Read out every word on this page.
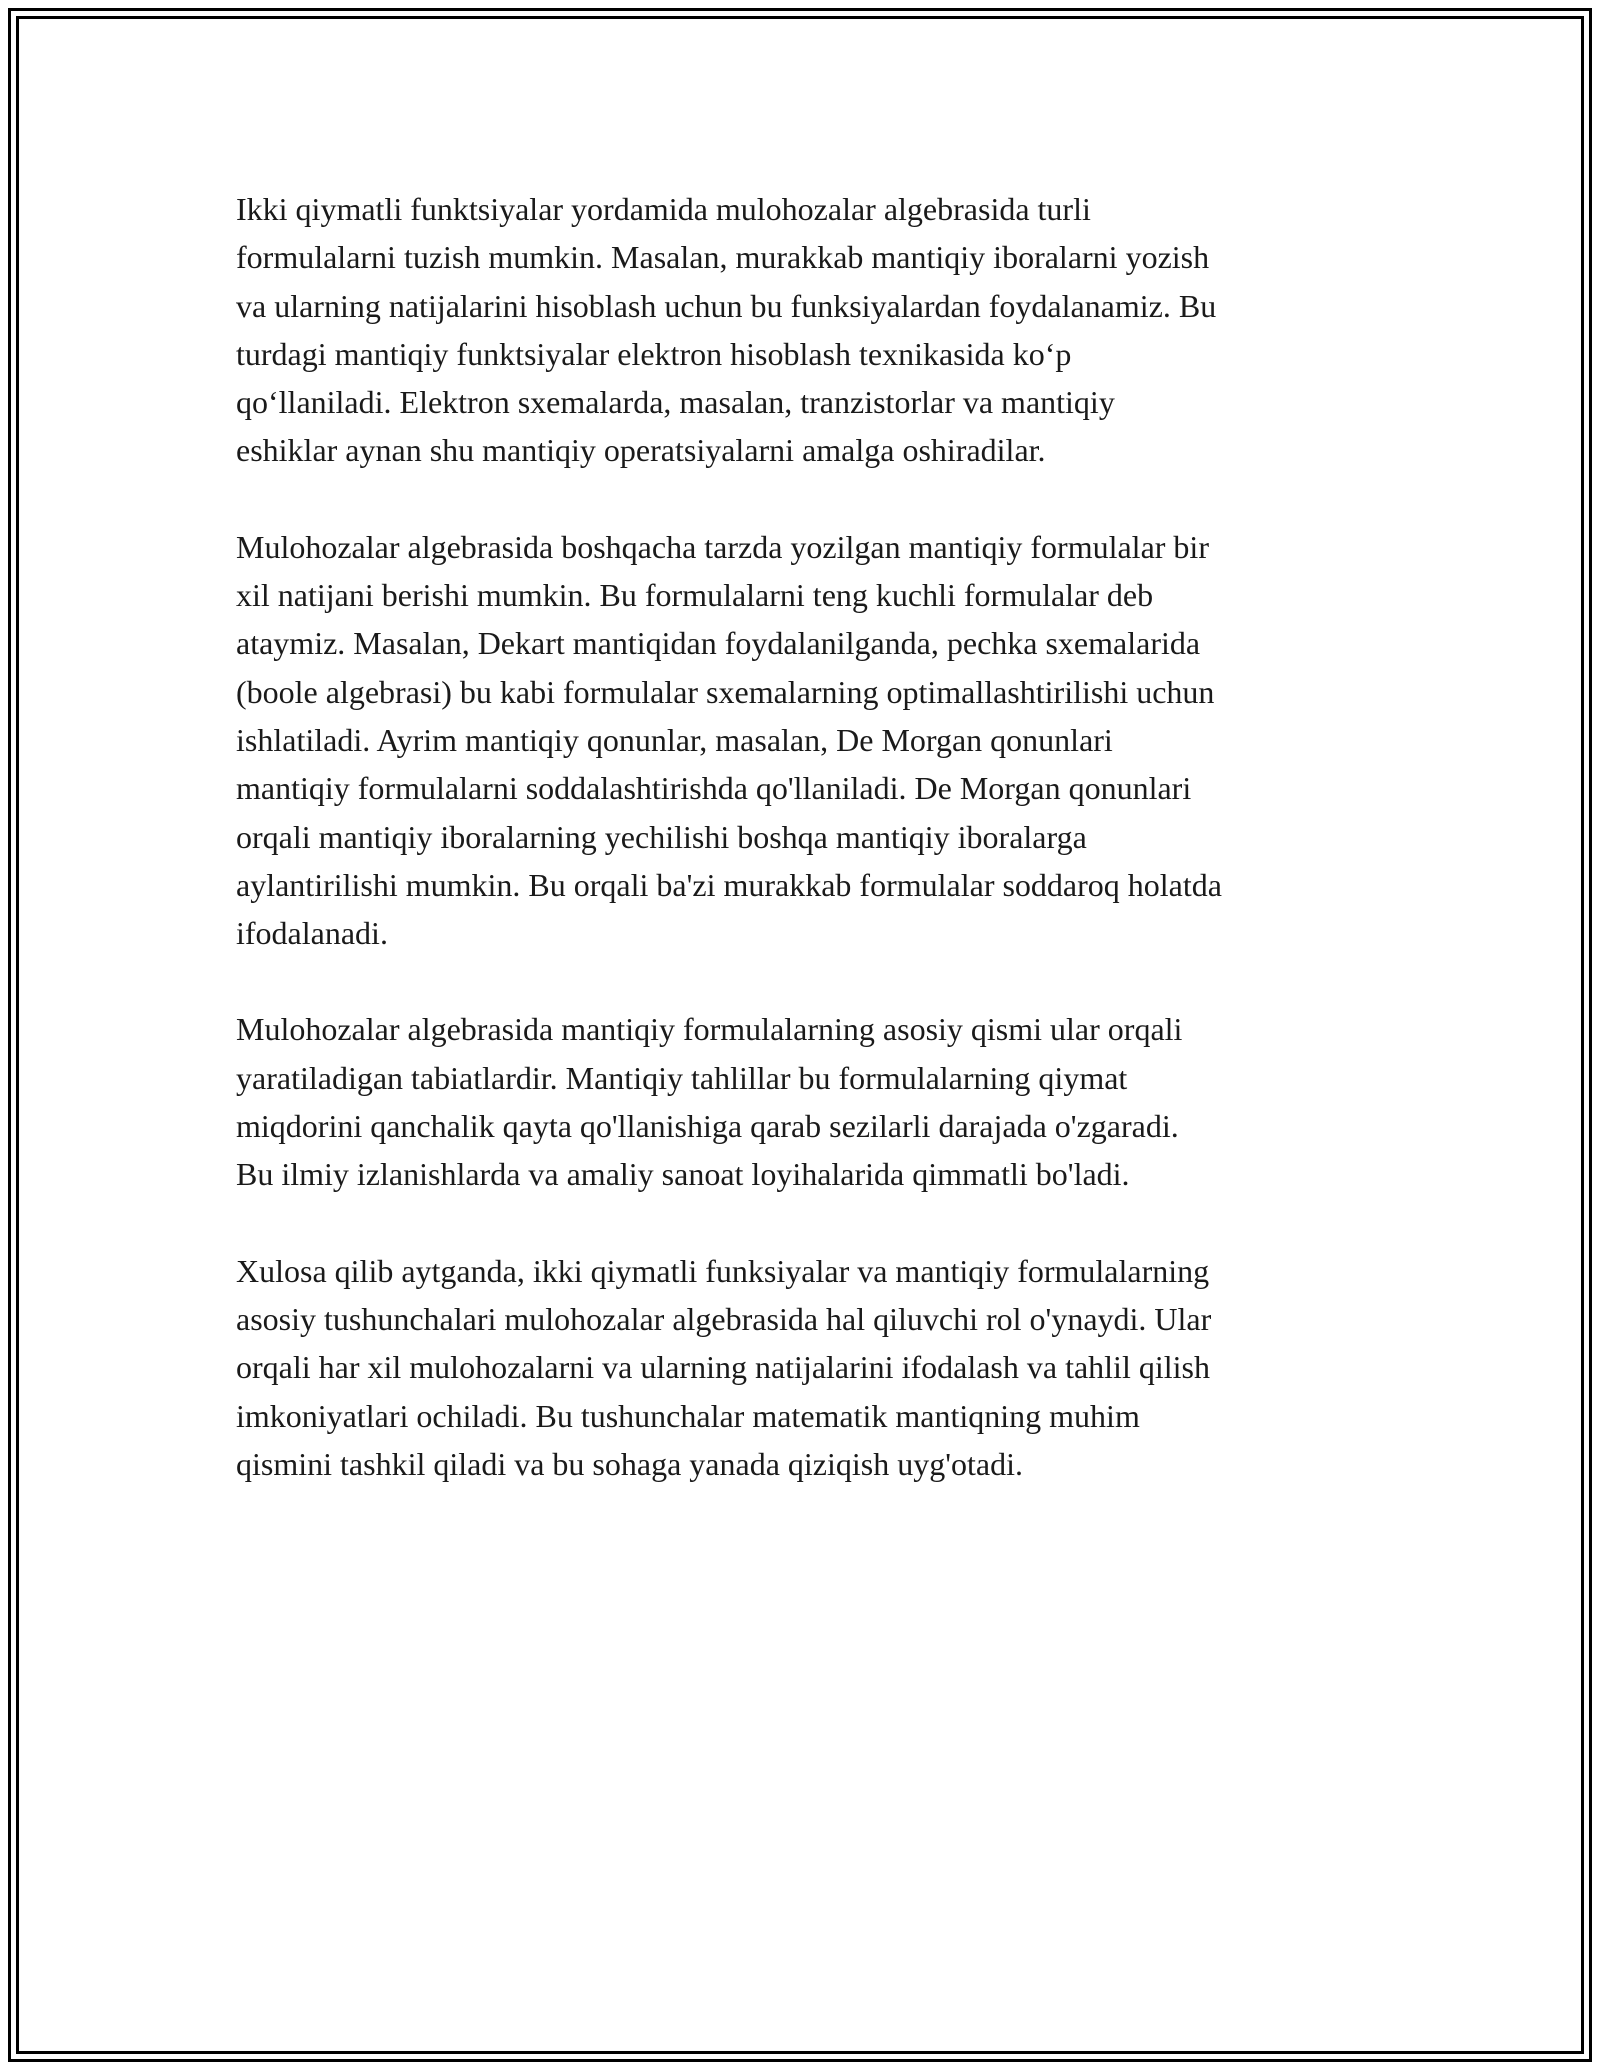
Ikki qiymatli funktsiyalar yordamida mulohozalar algebrasida turli
formulalarni tuzish mumkin. Masalan, murakkab mantiqiy iboralarni yozish
va ularning natijalarini hisoblash uchun bu funksiyalardan foydalanamiz. Bu
turdagi mantiqiy funktsiyalar elektron hisoblash texnikasida ko‘p
qo‘llaniladi. Elektron sxemalarda, masalan, tranzistorlar va mantiqiy
eshiklar aynan shu mantiqiy operatsiyalarni amalga oshiradilar.

Mulohozalar algebrasida boshqacha tarzda yozilgan mantiqiy formulalar bir
xil natijani berishi mumkin. Bu formulalarni teng kuchli formulalar deb
ataymiz. Masalan, Dekart mantiqidan foydalanilganda, pechka sxemalarida
(boole algebrasi) bu kabi formulalar sxemalarning optimallashtirilishi uchun
ishlatiladi. Ayrim mantiqiy qonunlar, masalan, De Morgan qonunlari
mantiqiy formulalarni soddalashtirishda qo'llaniladi. De Morgan qonunlari
orqali mantiqiy iboralarning yechilishi boshqa mantiqiy iboralarga
aylantirilishi mumkin. Bu orqali ba'zi murakkab formulalar soddaroq holatda
ifodalanadi.

Mulohozalar algebrasida mantiqiy formulalarning asosiy qismi ular orqali
yaratiladigan tabiatlardir. Mantiqiy tahlillar bu formulalarning qiymat
miqdorini qanchalik qayta qo'llanishiga qarab sezilarli darajada o'zgaradi.
Bu ilmiy izlanishlarda va amaliy sanoat loyihalarida qimmatli bo'ladi.

Xulosa qilib aytganda, ikki qiymatli funksiyalar va mantiqiy formulalarning
asosiy tushunchalari mulohozalar algebrasida hal qiluvchi rol o'ynaydi. Ular
orqali har xil mulohozalarni va ularning natijalarini ifodalash va tahlil qilish
imkoniyatlari ochiladi. Bu tushunchalar matematik mantiqning muhim
qismini tashkil qiladi va bu sohaga yanada qiziqish uyg'otadi.
